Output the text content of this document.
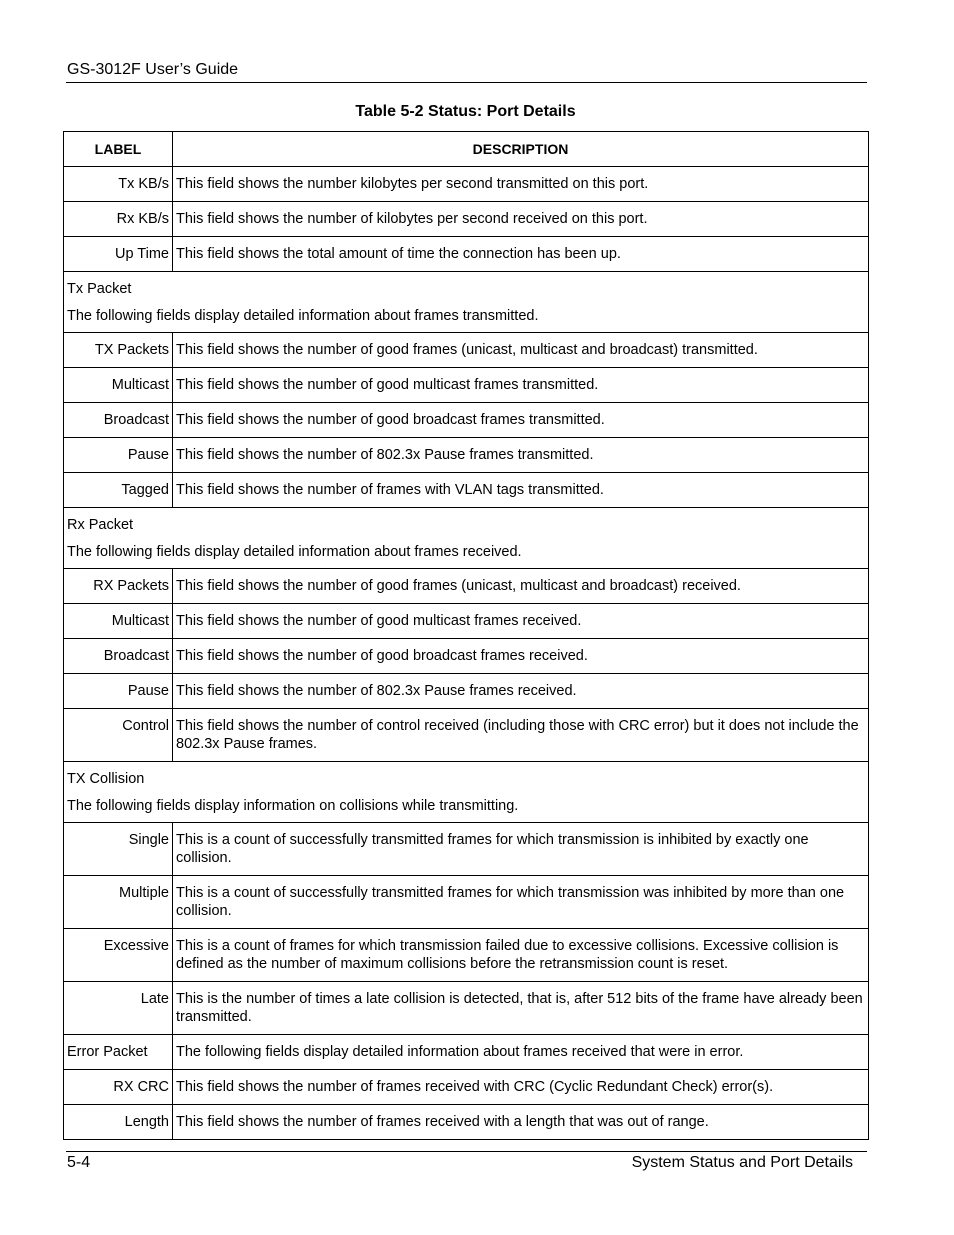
GS-3012F User’s Guide
Table 5-2 Status: Port Details
LABEL	DESCRIPTION
Tx KB/s	This field shows the number kilobytes per second transmitted on this port.
Rx KB/s	This field shows the number of kilobytes per second received on this port.
Up Time	This field shows the total amount of time the connection has been up.

Tx Packet
The following fields display detailed information about frames transmitted.	

TX Packets	This field shows the number of good frames (unicast, multicast and broadcast) transmitted.
Multicast	This field shows the number of good multicast frames transmitted.
Broadcast	This field shows the number of good broadcast frames transmitted.
Pause	This field shows the number of 802.3x Pause frames transmitted.
Tagged	This field shows the number of frames with VLAN tags transmitted.

Rx Packet
The following fields display detailed information about frames received.	

RX Packets	This field shows the number of good frames (unicast, multicast and broadcast) received.
Multicast	This field shows the number of good multicast frames received.
Broadcast	This field shows the number of good broadcast frames received.
Pause	This field shows the number of 802.3x Pause frames received.
Control	This field shows the number of control received (including those with CRC error) but it does not include the 802.3x Pause frames.

TX Collision
The following fields display information on collisions while transmitting.	

Single	This is a count of successfully transmitted frames for which transmission is inhibited by exactly one collision.
Multiple	This is a count of successfully transmitted frames for which transmission was inhibited by more than one collision.
Excessive	This is a count of frames for which transmission failed due to excessive collisions. Excessive collision is defined as the number of maximum collisions before the retransmission count is reset.
Late	This is the number of times a late collision is detected, that is, after 512 bits of the frame have already been transmitted.
Error Packet	The following fields display detailed information about frames received that were in error.
RX CRC	This field shows the number of frames received with CRC (Cyclic Redundant Check) error(s).
Length	This field shows the number of frames received with a length that was out of range.
5-4	System Status and Port Details
